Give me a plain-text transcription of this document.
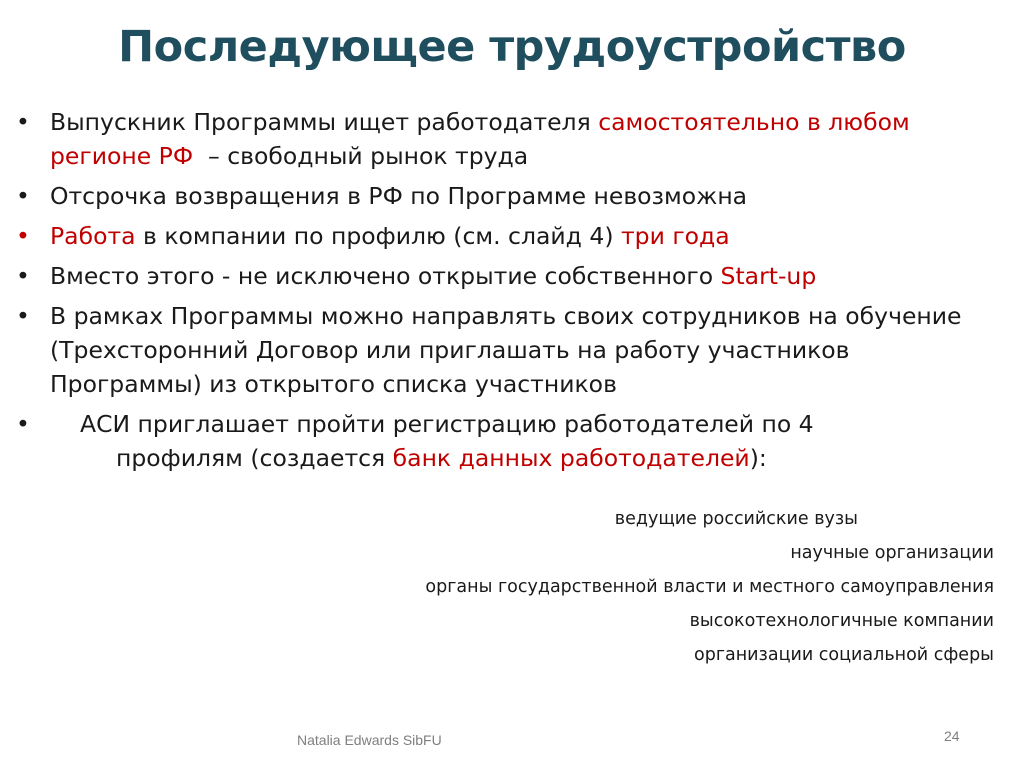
Последующее трудоустройство
• Выпускник Программы ищет работодателя самостоятельно в любом регионе РФ  – свободный рынок труда
• Отсрочка возвращения в РФ по Программе невозможна
• Работа в компании по профилю (см. слайд 4) три года
• Вместо этого - не исключено открытие собственного Start-up
• В рамках Программы можно направлять своих сотрудников на обучение (Трехсторонний Договор или приглашать на работу участников Программы) из открытого списка участников
• АСИ приглашает пройти регистрацию работодателей по 4
профилям (создается банк данных работодателей):
ведущие российские вузы
научные организации
органы государственной власти и местного самоуправления
высокотехнологичные компании
организации социальной сферы
Natalia Edwards SibFU	24
